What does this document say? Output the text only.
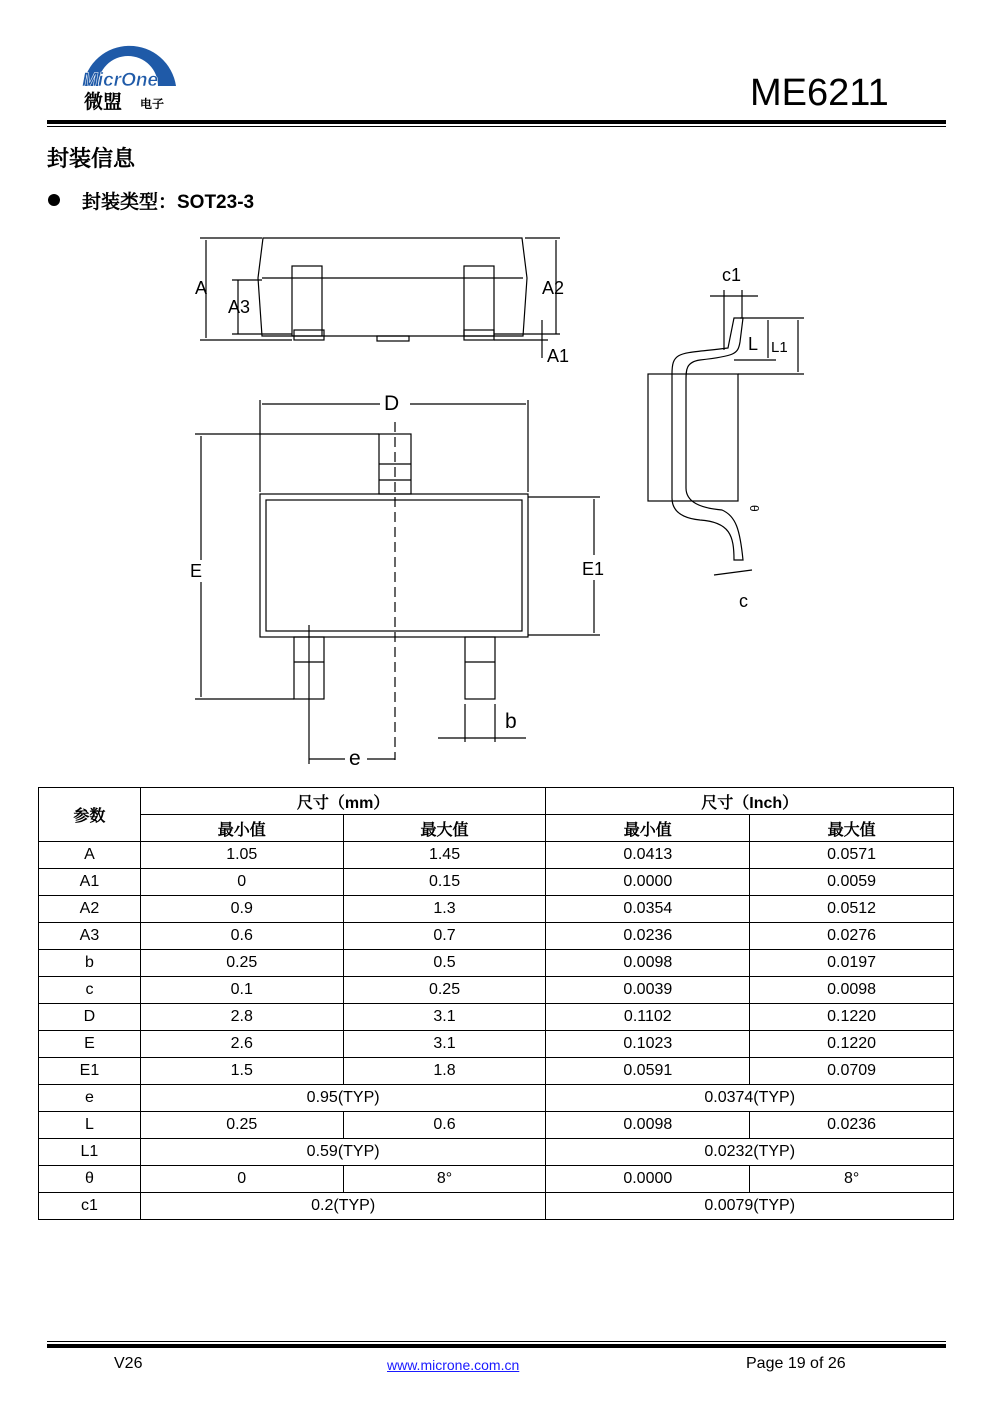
MicrOne
微盟 电子	ME6211
封装信息
封装类型：SOT23-3
A
A3
A2
A1
D
E	E1
b
e
c1
L L1
θ
c
参数	尺寸（mm）		尺寸（Inch）	
	最小值	最大值	最小值	最大值
A	1.05	1.45	0.0413	0.0571
A1	0	0.15	0.0000	0.0059
A2	0.9	1.3	0.0354	0.0512
A3	0.6	0.7	0.0236	0.0276
b	0.25	0.5	0.0098	0.0197
c	0.1	0.25	0.0039	0.0098
D	2.8	3.1	0.1102	0.1220
E	2.6	3.1	0.1023	0.1220
E1	1.5	1.8	0.0591	0.0709
e	0.95(TYP)		0.0374(TYP)	
L	0.25	0.6	0.0098	0.0236
L1	0.59(TYP)		0.0232(TYP)	
θ	0	8°	0.0000	8°
c1	0.2(TYP)		0.0079(TYP)	
V26	www.microne.com.cn	Page 19 of 26
